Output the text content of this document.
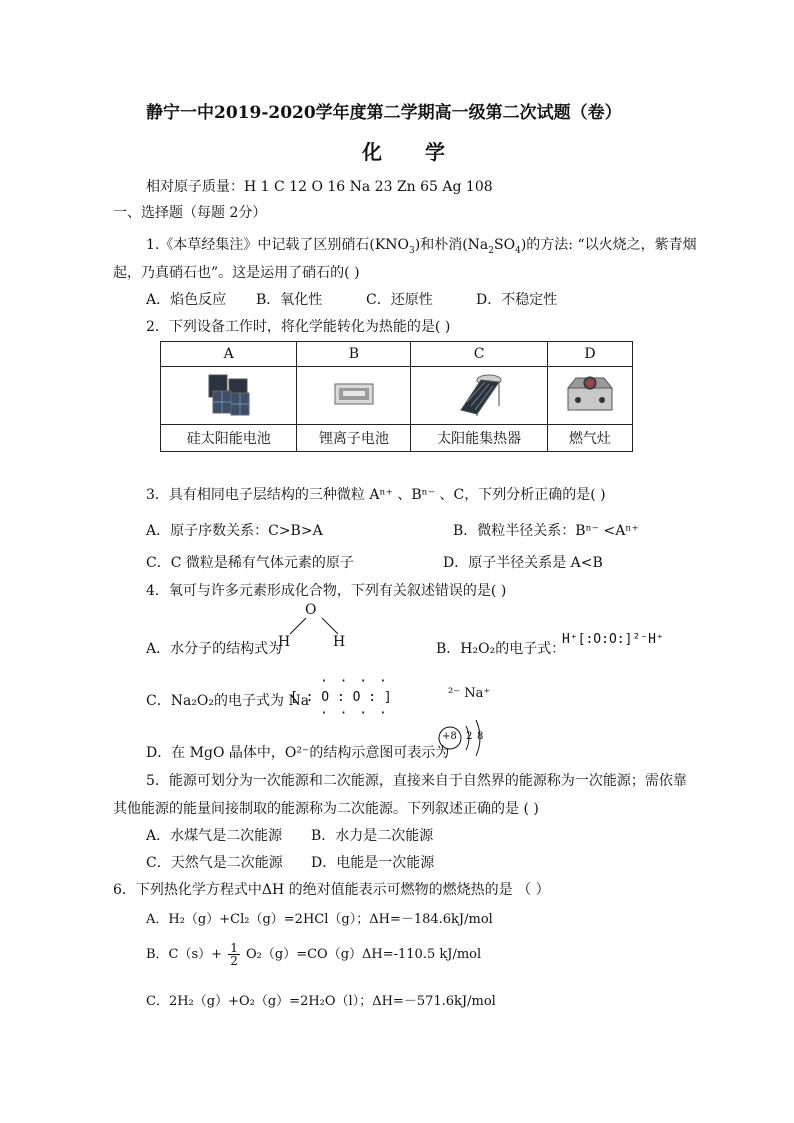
静宁一中2019-2020学年度第二学期高一级第二次试题（卷）
化 学
相对原子质量：H 1 C 12 O 16 Na 23 Zn 65 Ag 108
一、选择题（每题 2分）
1.《本草经集注》中记载了区别硝石$(KNO_3)$和朴消$(Na_2SO_4)$的方法: “以火烧之，紫青烟
起，乃真硝石也”。这是运用了硝石的( )
A．焰色反应 B．氧化性	C．还原性	D．不稳定性
2．下列设备工作时，将化学能转化为热能的是( )
A	B	C	D

硅太阳能电池	锂离子电池	太阳能集热器	燃气灶
3．具有相同电子层结构的三种微粒 Aⁿ⁺ 、Bⁿ⁻ 、C，下列分析正确的是( )
A．原子序数关系：C>B>A	B．微粒半径关系：Bⁿ⁻ <Aⁿ⁺
C．C 微粒是稀有气体元素的原子	D．原子半径关系是 A<B
4．氧可与许多元素形成化合物，下列有关叙述错误的是( )
A．水分子的结构式为
O
H	H	B．H₂O₂的电子式：
H⁺[:O:O:]²⁻H⁺
C．Na₂O₂的电子式为 Na
[ : O : O : ]	²⁻ Na⁺
· · · ·
· · · ·
D．在 MgO 晶体中，O²⁻的结构示意图可表示为
+8 2 8
5．能源可划分为一次能源和二次能源，直接来自于自然界的能源称为一次能源；需依靠
其他能源的能量间接制取的能源称为二次能源。下列叙述正确的是 ( )
A．水煤气是二次能源 B．水力是二次能源
C．天然气是二次能源 D．电能是一次能源
6．下列热化学方程式中ΔH 的绝对值能表示可燃物的燃烧热的是 （ ）
A．H₂（g）+Cl₂（g）=2HCl（g）；ΔH=－184.6kJ/mol
B．$C(s)+ \frac{1}{2} O_2(g)=CO(g)\Delta H=-110.5$ kJ/mol
C．2H₂（g）+O₂（g）=2H₂O（l）；ΔH=－571.6kJ/mol
